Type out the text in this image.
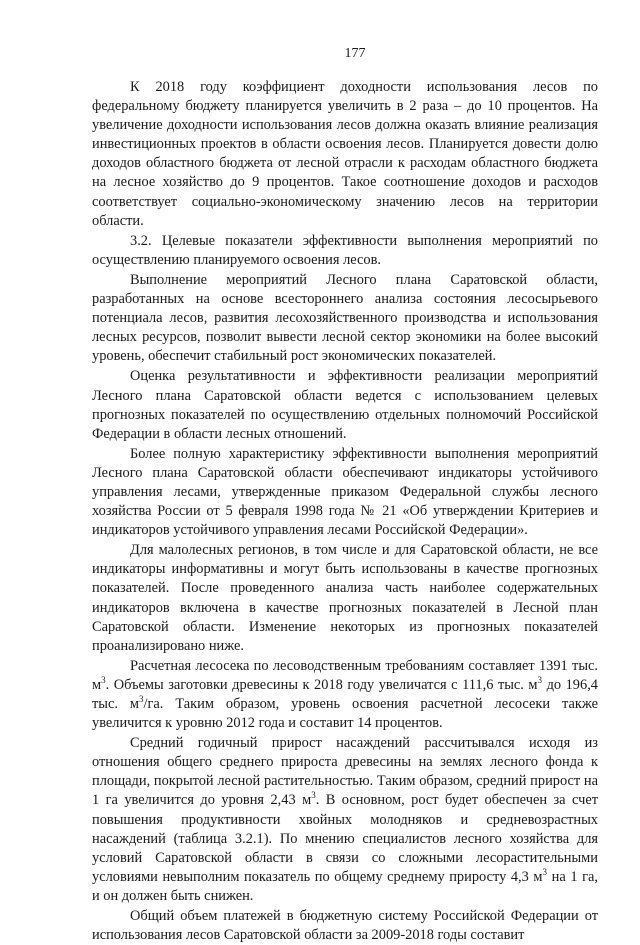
177

К 2018 году коэффициент доходности использования лесов по федеральному бюджету планируется увеличить в 2 раза – до 10 процентов. На увеличение доходности использования лесов должна оказать влияние реализация инвестиционных проектов в области освоения лесов. Планируется довести долю доходов областного бюджета от лесной отрасли к расходам областного бюджета на лесное хозяйство до 9 процентов. Такое соотношение доходов и расходов соответствует социально-экономическому значению лесов на территории области.

3.2. Целевые показатели эффективности выполнения мероприятий по осуществлению планируемого освоения лесов.

Выполнение мероприятий Лесного плана Саратовской области, разработанных на основе всестороннего анализа состояния лесосырьевого потенциала лесов, развития лесохозяйственного производства и использования лесных ресурсов, позволит вывести лесной сектор экономики на более высокий уровень, обеспечит стабильный рост экономических показателей.

Оценка результативности и эффективности реализации мероприятий Лесного плана Саратовской области ведется с использованием целевых прогнозных показателей по осуществлению отдельных полномочий Российской Федерации в области лесных отношений.

Более полную характеристику эффективности выполнения мероприятий Лесного плана Саратовской области обеспечивают индикаторы устойчивого управления лесами, утвержденные приказом Федеральной службы лесного хозяйства России от 5 февраля 1998 года № 21 «Об утверждении Критериев и индикаторов устойчивого управления лесами Российской Федерации».

Для малолесных регионов, в том числе и для Саратовской области, не все индикаторы информативны и могут быть использованы в качестве прогнозных показателей. После проведенного анализа часть наиболее содержательных индикаторов включена в качестве прогнозных показателей в Лесной план Саратовской области. Изменение некоторых из прогнозных показателей проанализировано ниже.

Расчетная лесосека по лесоводственным требованиям составляет 1391 тыс. $м^3$. Объемы заготовки древесины к 2018 году увеличатся с 111,6 тыс. $м^3$ до 196,4 тыс. $м^3/га$. Таким образом, уровень освоения расчетной лесосеки также увеличится к уровню 2012 года и составит 14 процентов.

Средний годичный прирост насаждений рассчитывался исходя из отношения общего среднего прироста древесины на землях лесного фонда к площади, покрытой лесной растительностью. Таким образом, средний прирост на 1 га увеличится до уровня 2,43 $м^3$. В основном, рост будет обеспечен за счет повышения продуктивности хвойных молодняков и средневозрастных насаждений (таблица 3.2.1). По мнению специалистов лесного хозяйства для условий Саратовской области в связи со сложными лесорастительными условиями невыполним показатель по общему среднему приросту 4,3 $м^3$ на 1 га, и он должен быть снижен.

Общий объем платежей в бюджетную систему Российской Федерации от использования лесов Саратовской области за 2009-2018 годы составит
